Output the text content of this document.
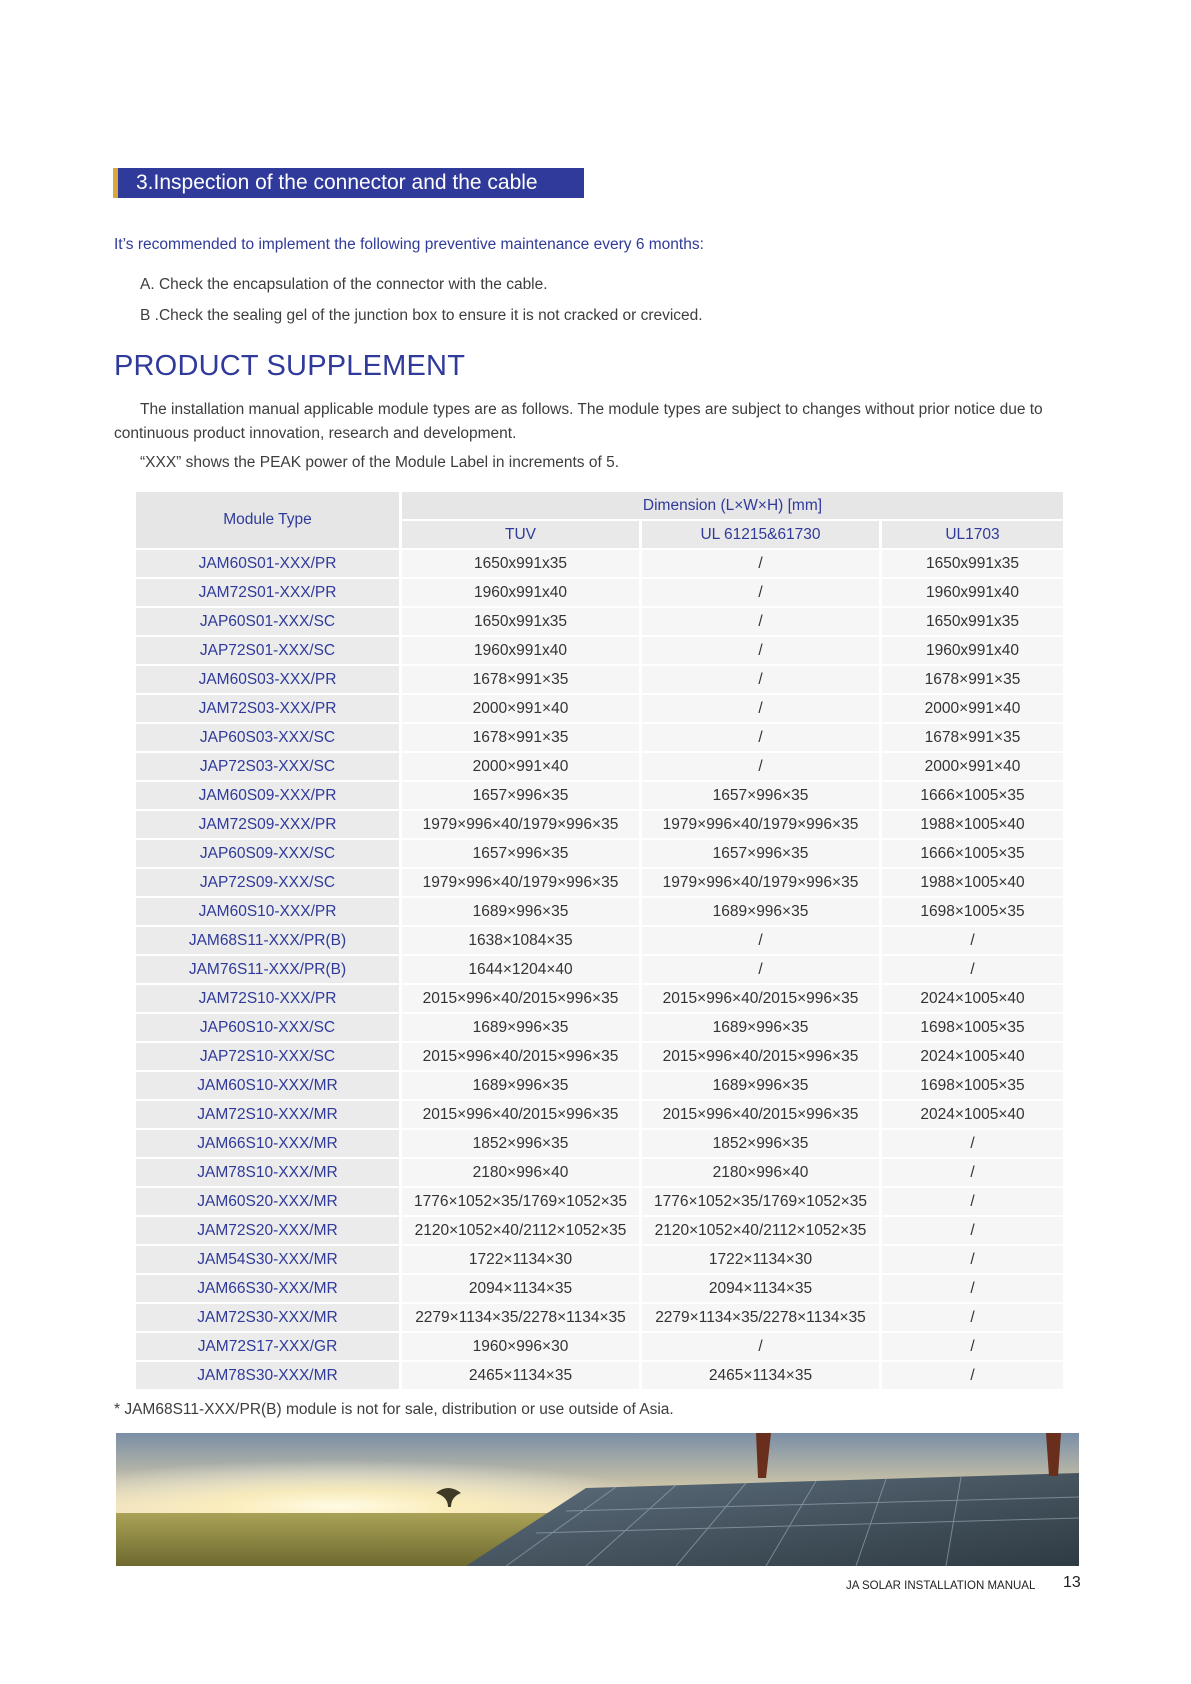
3.Inspection of the connector and the cable
It’s recommended to implement the following preventive maintenance every 6 months:
A. Check the encapsulation of the connector with the cable.
B .Check the sealing gel of the junction box to ensure it is not cracked or creviced.
PRODUCT SUPPLEMENT
The installation manual applicable module types are as follows. The module types are subject to changes without prior notice due to continuous product innovation, research and development.
“XXX” shows the PEAK power of the Module Label in increments of 5.
Module Type	Dimension (L×W×H) [mm]		
	TUV	UL 61215&61730	UL1703
JAM60S01-XXX/PR	1650x991x35	/	1650x991x35
JAM72S01-XXX/PR	1960x991x40	/	1960x991x40
JAP60S01-XXX/SC	1650x991x35	/	1650x991x35
JAP72S01-XXX/SC	1960x991x40	/	1960x991x40
JAM60S03-XXX/PR	1678×991×35	/	1678×991×35
JAM72S03-XXX/PR	2000×991×40	/	2000×991×40
JAP60S03-XXX/SC	1678×991×35	/	1678×991×35
JAP72S03-XXX/SC	2000×991×40	/	2000×991×40
JAM60S09-XXX/PR	1657×996×35	1657×996×35	1666×1005×35
JAM72S09-XXX/PR	1979×996×40/1979×996×35	1979×996×40/1979×996×35	1988×1005×40
JAP60S09-XXX/SC	1657×996×35	1657×996×35	1666×1005×35
JAP72S09-XXX/SC	1979×996×40/1979×996×35	1979×996×40/1979×996×35	1988×1005×40
JAM60S10-XXX/PR	1689×996×35	1689×996×35	1698×1005×35
JAM68S11-XXX/PR(B)	1638×1084×35	/	/
JAM76S11-XXX/PR(B)	1644×1204×40	/	/
JAM72S10-XXX/PR	2015×996×40/2015×996×35	2015×996×40/2015×996×35	2024×1005×40
JAP60S10-XXX/SC	1689×996×35	1689×996×35	1698×1005×35
JAP72S10-XXX/SC	2015×996×40/2015×996×35	2015×996×40/2015×996×35	2024×1005×40
JAM60S10-XXX/MR	1689×996×35	1689×996×35	1698×1005×35
JAM72S10-XXX/MR	2015×996×40/2015×996×35	2015×996×40/2015×996×35	2024×1005×40
JAM66S10-XXX/MR	1852×996×35	1852×996×35	/
JAM78S10-XXX/MR	2180×996×40	2180×996×40	/
JAM60S20-XXX/MR	1776×1052×35/1769×1052×35	1776×1052×35/1769×1052×35	/
JAM72S20-XXX/MR	2120×1052×40/2112×1052×35	2120×1052×40/2112×1052×35	/
JAM54S30-XXX/MR	1722×1134×30	1722×1134×30	/
JAM66S30-XXX/MR	2094×1134×35	2094×1134×35	/
JAM72S30-XXX/MR	2279×1134×35/2278×1134×35	2279×1134×35/2278×1134×35	/
JAM72S17-XXX/GR	1960×996×30	/	/
JAM78S30-XXX/MR	2465×1134×35	2465×1134×35	/
* JAM68S11-XXX/PR(B) module is not for sale, distribution or use outside of Asia.
JA SOLAR INSTALLATION MANUAL 13
